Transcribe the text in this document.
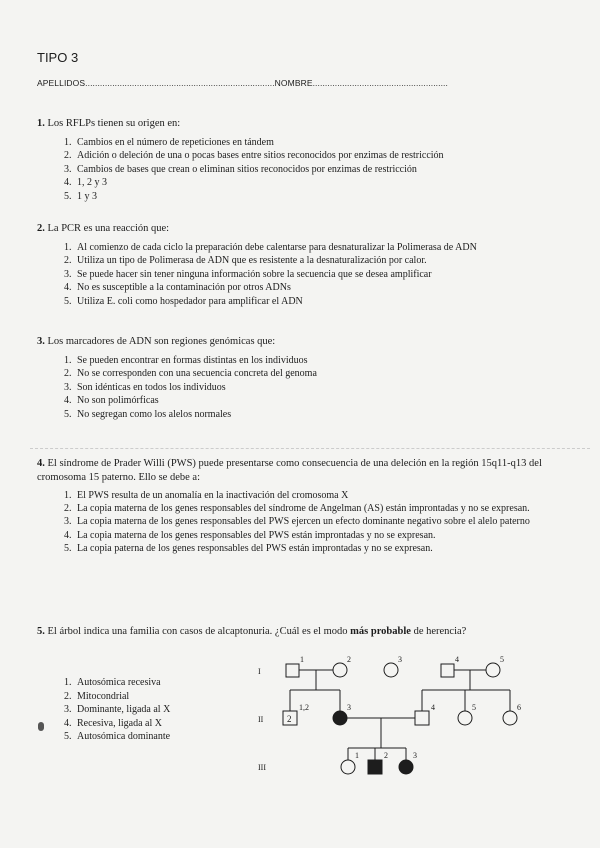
TIPO 3
APELLIDOS.............................................................................NOMBRE.......................................................
1. Los RFLPs tienen su origen en:
1. Cambios en el número de repeticiones en tándem
2. Adición o deleción de una o pocas bases entre sitios reconocidos por enzimas de restricción
3. Cambios de bases que crean o eliminan sitios reconocidos por enzimas de restricción
4. 1, 2 y 3
5. 1 y 3
2. La PCR es una reacción que:
1. Al comienzo de cada ciclo la preparación debe calentarse para desnaturalizar la Polimerasa de ADN
2. Utiliza un tipo de Polimerasa de ADN que es resistente a la desnaturalización por calor.
3. Se puede hacer sin tener ninguna información sobre la secuencia que se desea amplificar
4. No es susceptible a la contaminación por otros ADNs
5. Utiliza E. coli como hospedador para amplificar el ADN
3. Los marcadores de ADN son regiones genómicas que:
1. Se pueden encontrar en formas distintas en los individuos
2. No se corresponden con una secuencia concreta del genoma
3. Son idénticas en todos los individuos
4. No son polimórficas
5. No segregan como los alelos normales
4. El síndrome de Prader Willi (PWS) puede presentarse como consecuencia de una deleción en la región 15q11-q13 del cromosoma 15 paterno. Ello se debe a:
1. El PWS resulta de un anomalía en la inactivación del cromosoma X
2. La copia materna de los genes responsables del síndrome de Angelman (AS) están improntadas y no se expresan.
3. La copia materna de los genes responsables del PWS ejercen un efecto dominante negativo sobre el alelo paterno
4. La copia materna de los genes responsables del PWS están improntadas y no se expresan.
5. La copia paterna de los genes responsables del PWS están improntadas y no se expresan.
5. El árbol indica una familia con casos de alcaptonuria. ¿Cuál es el modo más probable de herencia?
1. Autosómica recesiva
2. Mitocondrial
3. Dominante, ligada al X
4. Recesiva, ligada al X
5. Autosómica dominante
I
II
III
1	2	3	4	5
1,2	3	4	5	6
2
1	2	3
